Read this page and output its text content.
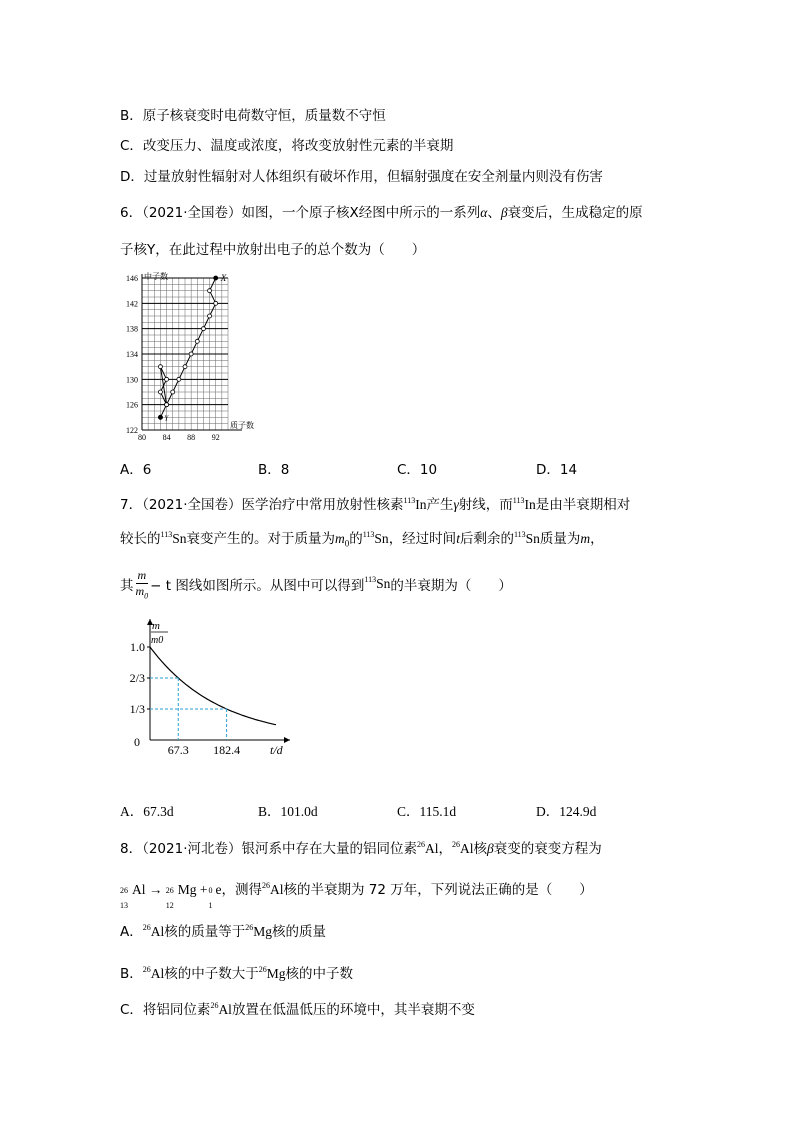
B．原子核衰变时电荷数守恒，质量数不守恒
C．改变压力、温度或浓度，将改变放射性元素的半衰期
D．过量放射性辐射对人体组织有破坏作用，但辐射强度在安全剂量内则没有伤害
6．（2021·全国卷）如图，一个原子核X经图中所示的一系列α、β衰变后，生成稳定的原
子核Y，在此过程中放射出电子的总个数为（　　）
122
126
130
134
138
142
146
80 84 88 92
中子数
质子数
X
Y
A．6	B．8	C．10	D．14
7．（2021·全国卷）医学治疗中常用放射性核素$^{113}$In产生γ射线，而$^{113}$In是由半衰期相对
较长的$^{113}$Sn衰变产生的。对于质量为$m_0$的$^{113}$Sn，经过时间t后剩余的$^{113}$Sn质量为m，
其 $\frac{m}{m_0} - t$ 图线如图所示。从图中可以得到$^{113}$Sn的半衰期为（　　）
m
m0
1.0
2/3
1/3
0
67.3 182.4 t/d
A．67.3d	B．101.0d	C．115.1d	D．124.9d
8．（2021·河北卷）银河系中存在大量的铝同位素$^{26}$Al，$^{26}$Al核β衰变的衰变方程为
26
13
Al → 26
12
Mg + 0
1
e，测得$^{26}$Al核的半衰期为 72 万年，下列说法正确的是（　　）
A．$^{26}$Al核的质量等于$^{26}$Mg核的质量
B．$^{26}$Al核的中子数大于$^{26}$Mg核的中子数
C．将铝同位素$^{26}$Al放置在低温低压的环境中，其半衰期不变
